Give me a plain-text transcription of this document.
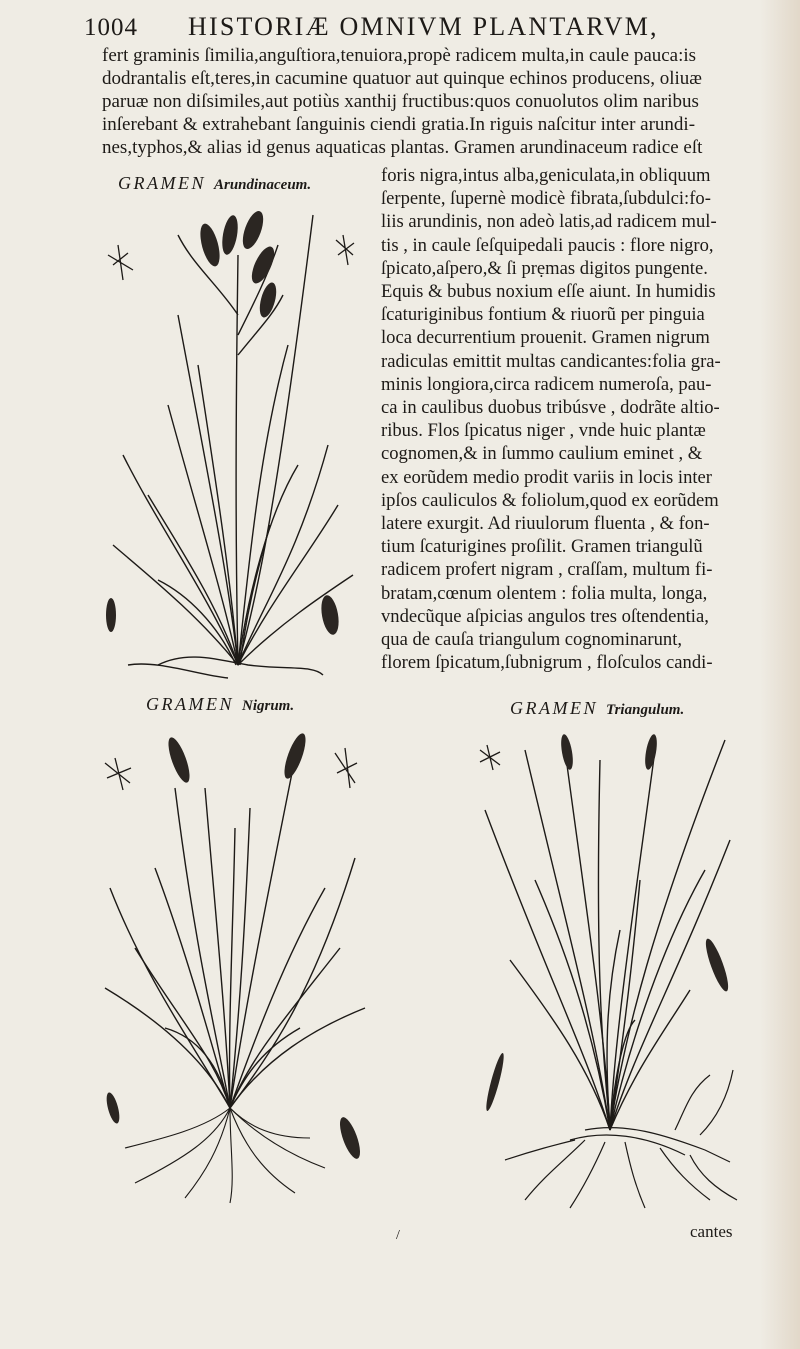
1004 HISTORIÆ OMNIVM PLANTARVM,
fert graminis ſimilia,anguſtiora,tenuiora,propè radicem multa,in caule pauca:is
dodrantalis eſt,teres,in cacumine quatuor aut quinque echinos producens, oliuæ
paruæ non diſsimiles,aut potiùs xanthij fructibus:quos conuolutos olim naribus
inſerebant & extrahebant ſanguinis ciendi gratia.In riguis naſcitur inter arundi-
nes,typhos,& alias id genus aquaticas plantas. Gramen arundinaceum radice eſt
foris nigra,intus alba,geniculata,in obliquum
ſerpente, ſupernè modicè fibrata,ſubdulci:fo-
liis arundinis, non adeò latis,ad radicem mul-
tis , in caule ſeſquipedali paucis : flore nigro,
ſpicato,aſpero,& ſi prẹmas digitos pungente.
Equis & bubus noxium eſſe aiunt. In humidis
ſcaturiginibus fontium & riuorũ per pinguia
loca decurrentium prouenit. Gramen nigrum
radiculas emittit multas candicantes:folia gra-
minis longiora,circa radicem numeroſa, pau-
ca in caulibus duobus tribúsve , dodrãte altio-
ribus. Flos ſpicatus niger , vnde huic plantæ
cognomen,& in ſummo caulium eminet , &
ex eorũdem medio prodit variis in locis inter
ipſos cauliculos & foliolum,quod ex eorũdem
latere exurgit. Ad riuulorum fluenta , & fon-
tium ſcaturigines proſilit. Gramen triangulũ
radicem profert nigram , craſſam, multum fi-
bratam,cœnum olentem : folia multa, longa,
vndecũque aſpicias angulos tres oſtendentia,
qua de cauſa triangulum cognominarunt,
florem ſpicatum,ſubnigrum , floſculos candi-
GRAMEN Arundinaceum.
GRAMEN Nigrum.	GRAMEN Triangulum.
cantes
/
